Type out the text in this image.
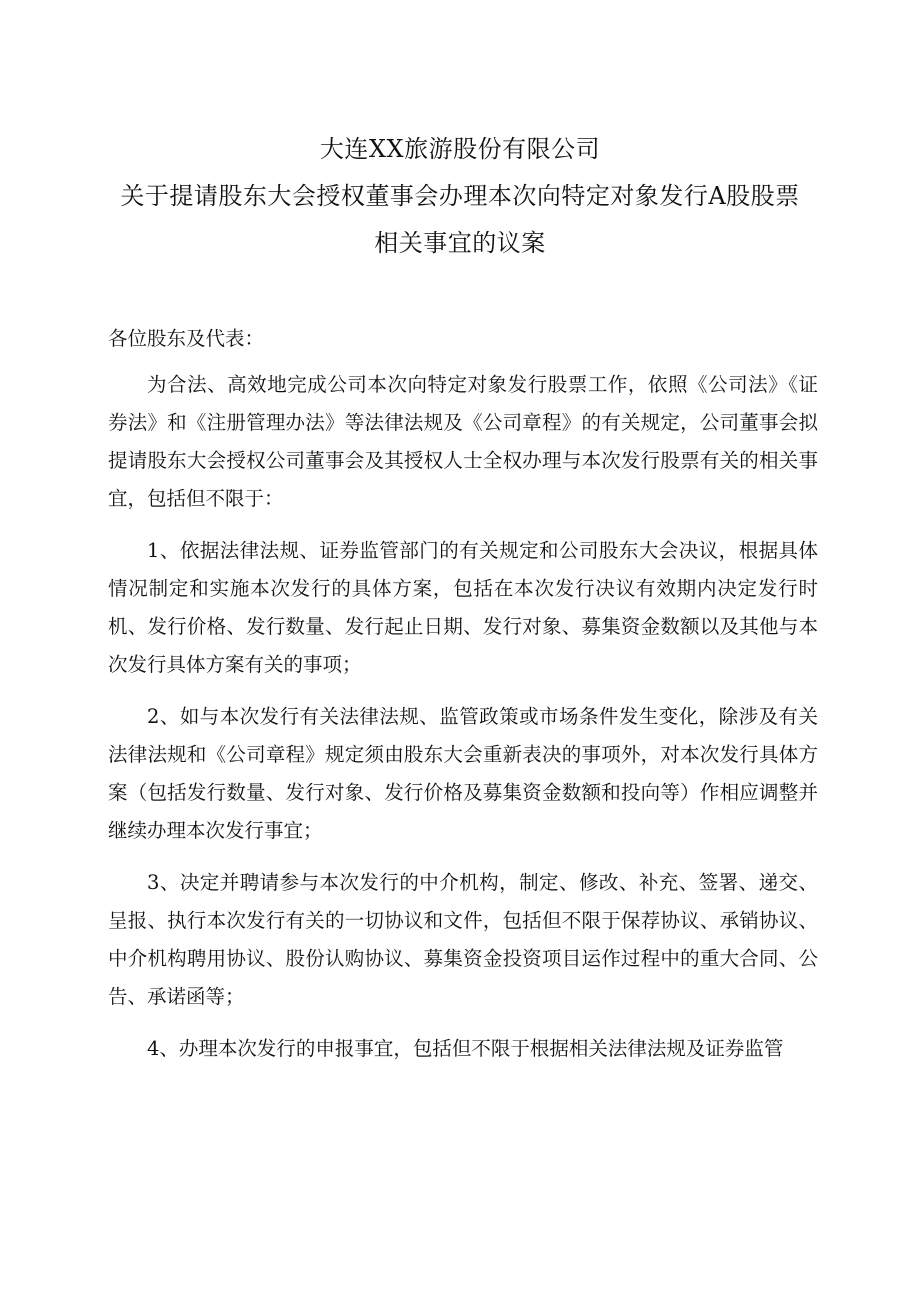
大连XX旅游股份有限公司
关于提请股东大会授权董事会办理本次向特定对象发行A股股票
相关事宜的议案

各位股东及代表：

为合法、高效地完成公司本次向特定对象发行股票工作，依照《公司法》《证券法》和《注册管理办法》等法律法规及《公司章程》的有关规定，公司董事会拟提请股东大会授权公司董事会及其授权人士全权办理与本次发行股票有关的相关事宜，包括但不限于：

1、依据法律法规、证券监管部门的有关规定和公司股东大会决议，根据具体情况制定和实施本次发行的具体方案，包括在本次发行决议有效期内决定发行时机、发行价格、发行数量、发行起止日期、发行对象、募集资金数额以及其他与本次发行具体方案有关的事项；

2、如与本次发行有关法律法规、监管政策或市场条件发生变化，除涉及有关法律法规和《公司章程》规定须由股东大会重新表决的事项外，对本次发行具体方案（包括发行数量、发行对象、发行价格及募集资金数额和投向等）作相应调整并继续办理本次发行事宜；

3、决定并聘请参与本次发行的中介机构，制定、修改、补充、签署、递交、呈报、执行本次发行有关的一切协议和文件，包括但不限于保荐协议、承销协议、中介机构聘用协议、股份认购协议、募集资金投资项目运作过程中的重大合同、公告、承诺函等；

4、办理本次发行的申报事宜，包括但不限于根据相关法律法规及证券监管
